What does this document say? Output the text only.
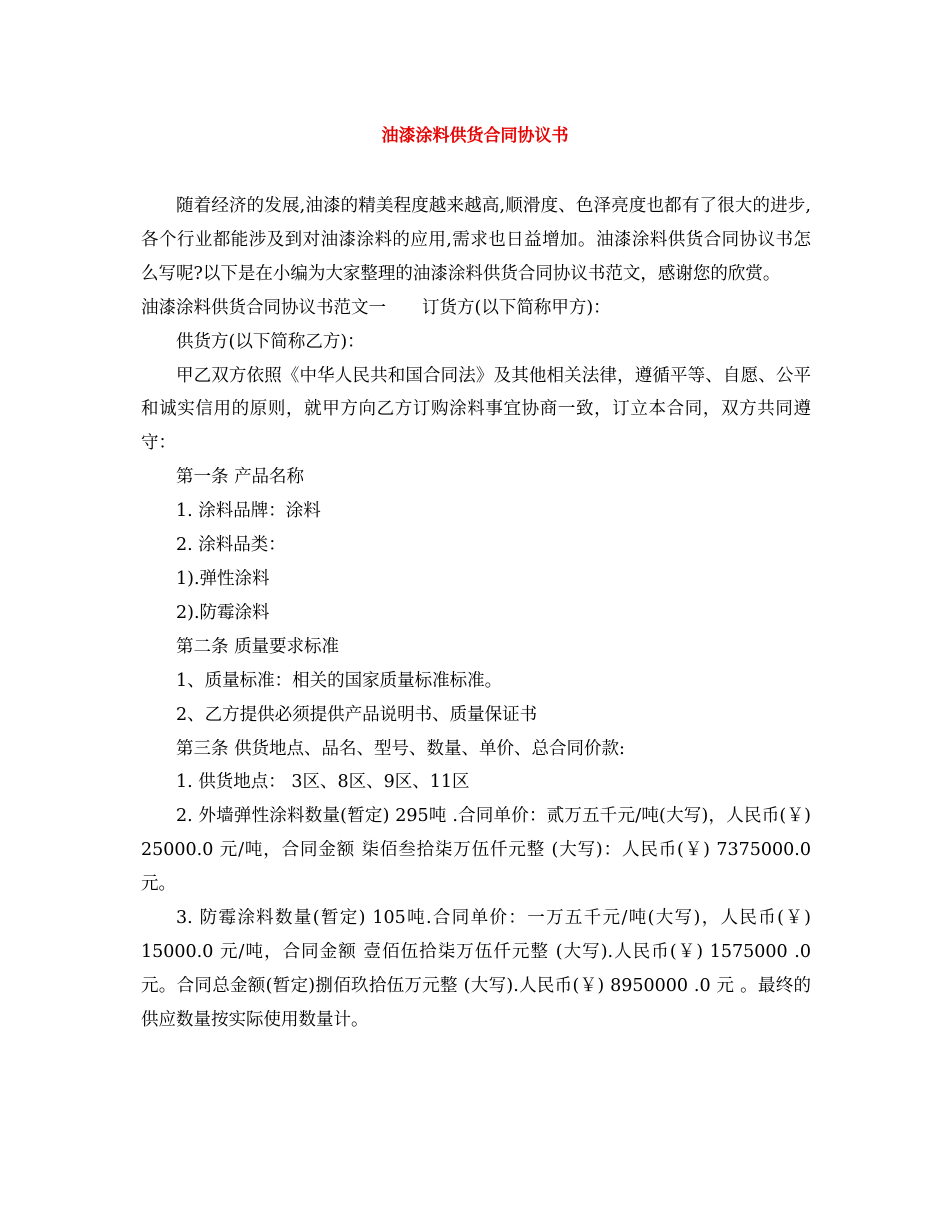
油漆涂料供货合同协议书

随着经济的发展,油漆的精美程度越来越高,顺滑度、色泽亮度也都有了很大的进步,各个行业都能涉及到对油漆涂料的应用,需求也日益增加。油漆涂料供货合同协议书怎么写呢?以下是在小编为大家整理的油漆涂料供货合同协议书范文，感谢您的欣赏。

油漆涂料供货合同协议书范文一 订货方(以下简称甲方)：

供货方(以下简称乙方)：

甲乙双方依照《中华人民共和国合同法》及其他相关法律，遵循平等、自愿、公平和诚实信用的原则，就甲方向乙方订购涂料事宜协商一致，订立本合同，双方共同遵守：

第一条 产品名称

1. 涂料品牌：涂料

2. 涂料品类：

1).弹性涂料

2).防霉涂料

第二条 质量要求标准

1、质量标准：相关的国家质量标准标准。

2、乙方提供必须提供产品说明书、质量保证书

第三条 供货地点、品名、型号、数量、单价、总合同价款:

1. 供货地点： 3区、8区、9区、11区

2. 外墙弹性涂料数量(暂定) 295吨 .合同单价：贰万五千元/吨(大写)，人民币(￥) 25000.0 元/吨，合同金额 柒佰叁拾柒万伍仟元整 (大写)：人民币(￥) 7375000.0 元。

3. 防霉涂料数量(暂定) 105吨.合同单价：一万五千元/吨(大写)，人民币(￥) 15000.0 元/吨，合同金额 壹佰伍拾柒万伍仟元整 (大写).人民币(￥) 1575000 .0 元。合同总金额(暂定)捌佰玖拾伍万元整 (大写).人民币(￥) 8950000 .0 元 。最终的供应数量按实际使用数量计。
